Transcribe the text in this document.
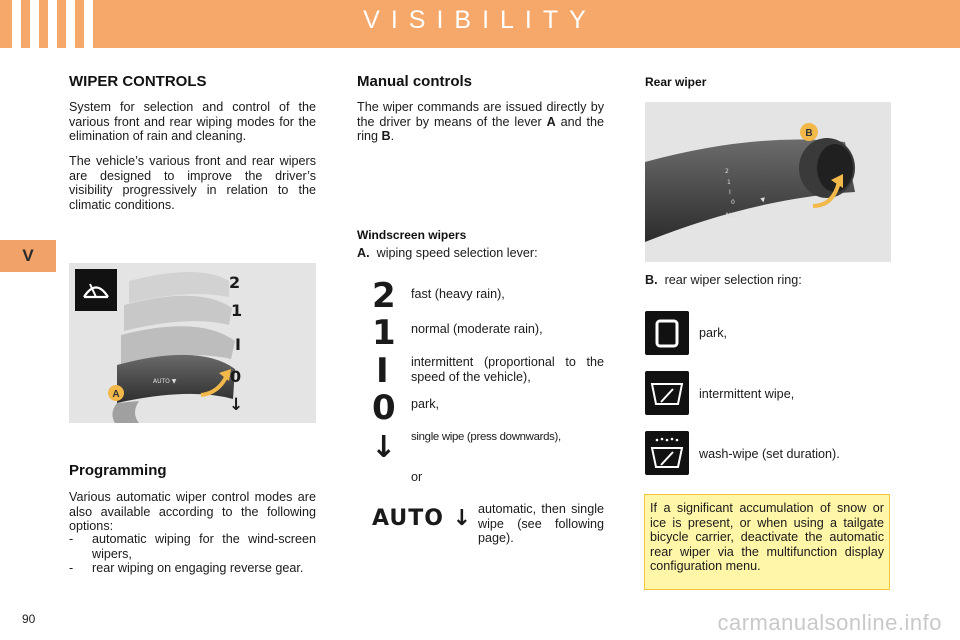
VISIBILITY
V
WIPER CONTROLS
System for selection and control of the various front and rear wiping modes for the elimination of rain and cleaning.
The vehicle’s various front and rear wipers are designed to improve the driver’s visibility progressively in relation to the climatic conditions.
AUTO ▼
A
2
1
I
0
↓
Programming
Various automatic wiper control modes are also available according to the following options:
-	automatic wiping for the wind-screen wipers,
-	rear wiping on engaging reverse gear.
Manual controls
The wiper commands are issued directly by the driver by means of the lever A and the ring B.
Windscreen wipers
A. wiping speed selection lever:
2 fast (heavy rain),
1 normal (moderate rain),
I intermittent (proportional to the speed of the vehicle),
0 park,
↓ single wipe (press downwards),
or
AUTO ↓ automatic, then single wipe (see following page).
Rear wiper
▼
B
2
1
I
0
AUTO
B. rear wiper selection ring:
park,
intermittent wipe,
wash-wipe (set duration).
If a significant accumulation of snow or ice is present, or when using a tailgate bicycle carrier, deactivate the automatic rear wiper via the multifunction display configuration menu.
90	carmanualsonline.info
